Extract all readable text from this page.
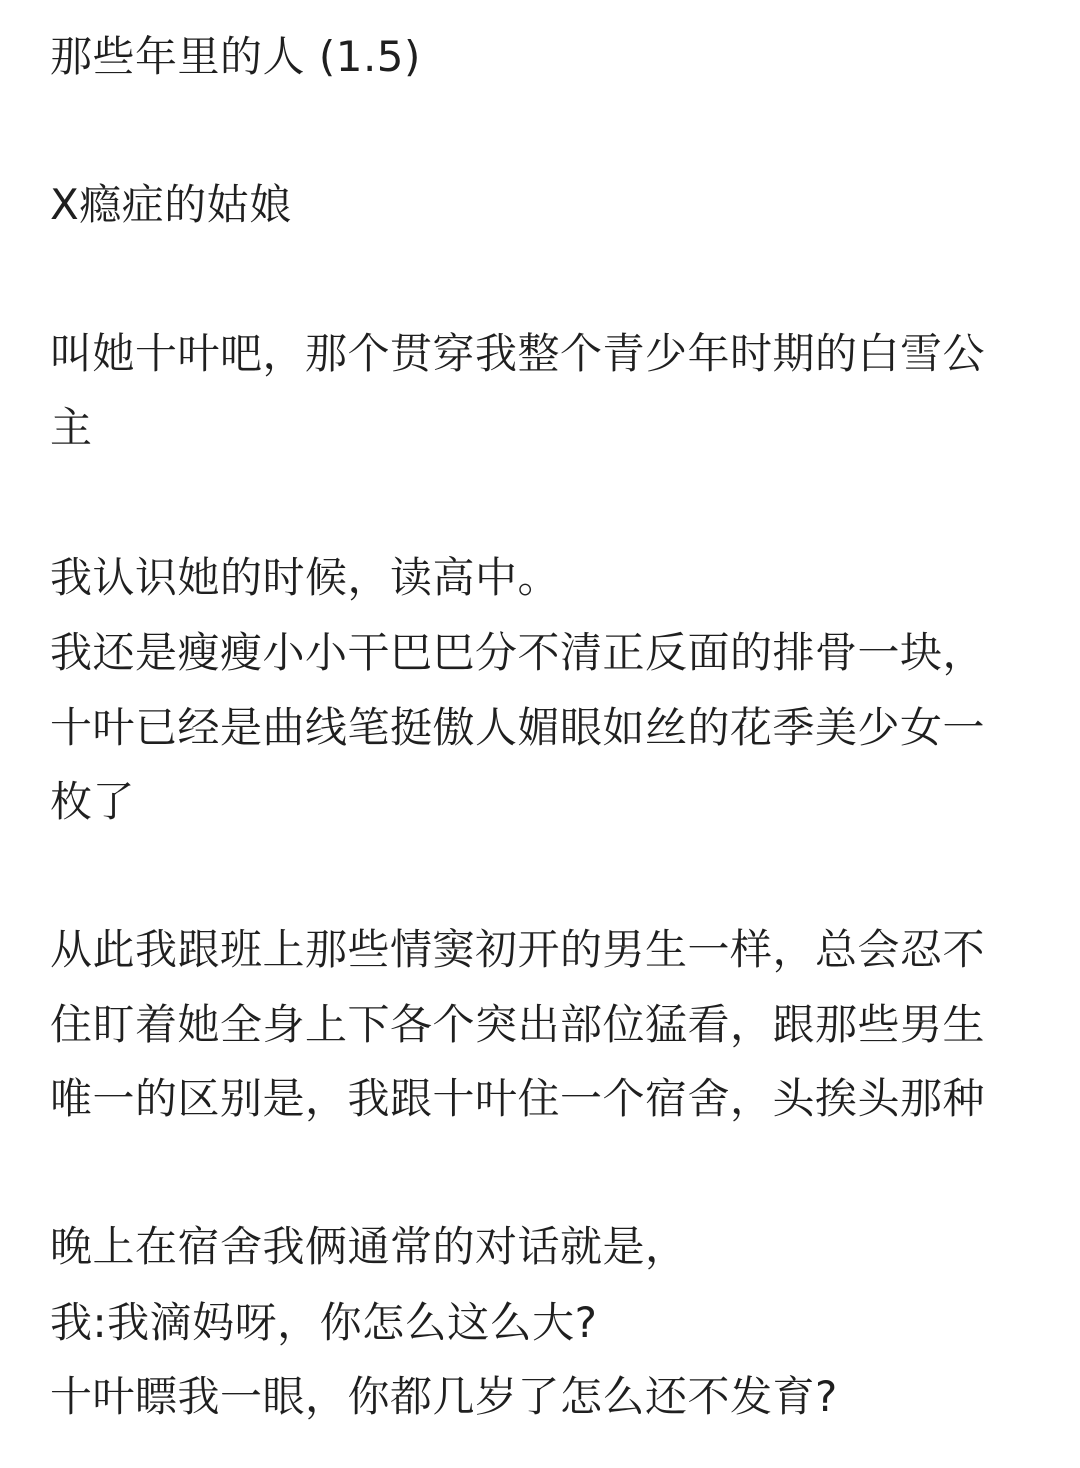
那些年里的人 (1.5)
X瘾症的姑娘
叫她十叶吧，那个贯穿我整个青少年时期的白雪公
主
我认识她的时候，读高中。
我还是瘦瘦小小干巴巴分不清正反面的排骨一块，
十叶已经是曲线笔挺傲人媚眼如丝的花季美少女一
枚了
从此我跟班上那些情窦初开的男生一样，总会忍不
住盯着她全身上下各个突出部位猛看，跟那些男生
唯一的区别是，我跟十叶住一个宿舍，头挨头那种
晚上在宿舍我俩通常的对话就是，
我:我滴妈呀，你怎么这么大?
十叶瞟我一眼，你都几岁了怎么还不发育?
